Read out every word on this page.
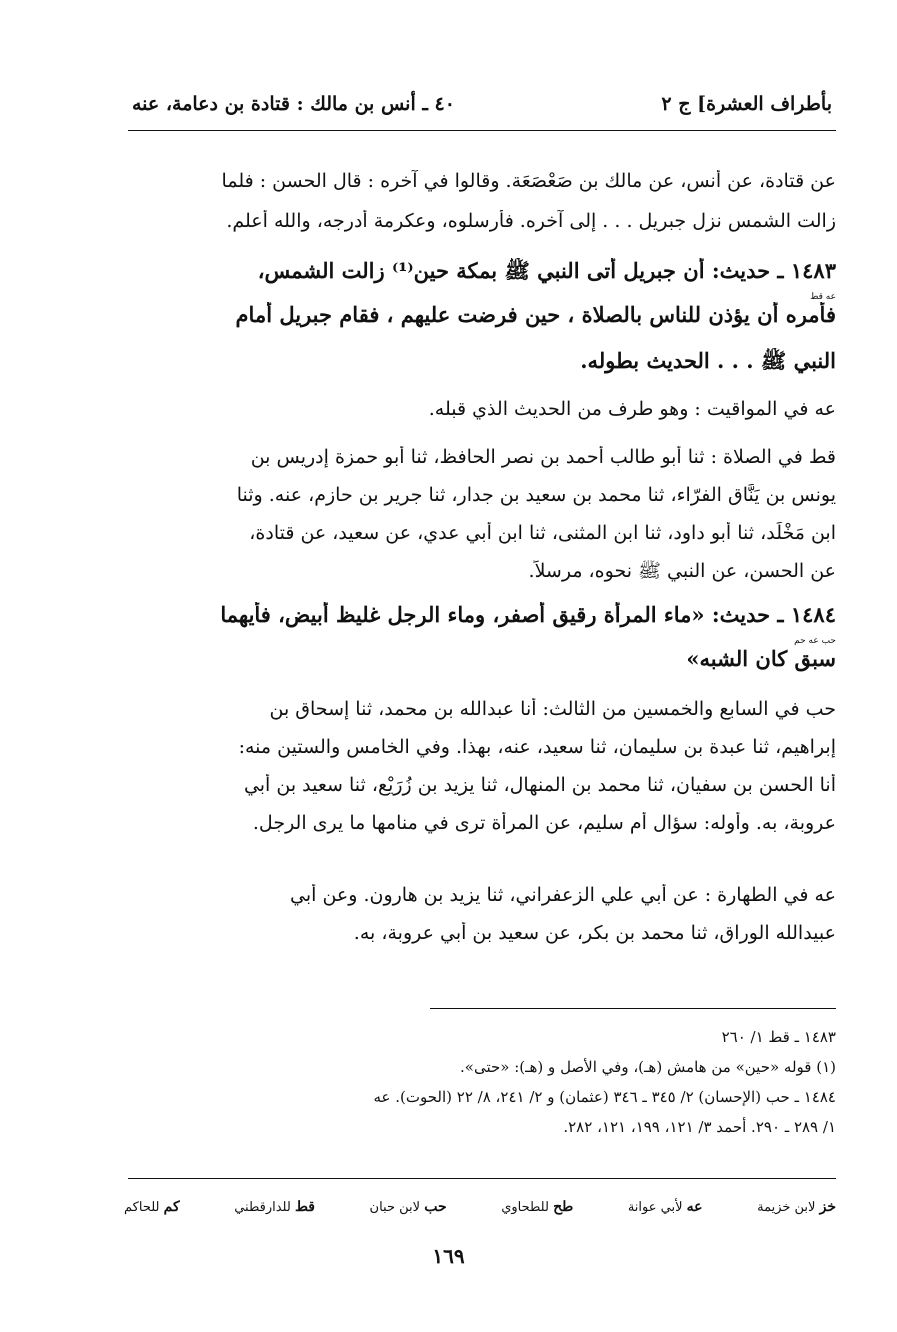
بأطراف العشرة] ج ٢
٤٠ ـ أنس بن مالك : قتادة بن دعامة، عنه
عن قتادة، عن أنس، عن مالك بن صَعْصَعَة. وقالوا في آخره : قال الحسن : فلما
زالت الشمس نزل جبريل . . . إلى آخره. فأرسلوه، وعكرمة أدرجه، والله أعلم.
١٤٨٣ ـ حديث: أن جبريل أتى النبي ﷺ بمكة حين⁽¹⁾ زالت الشمس،
عه قط
فأمره أن يؤذن للناس بالصلاة ، حين فرضت عليهم ، فقام جبريل أمام
النبي ﷺ . . . الحديث بطوله.
عه في المواقيت : وهو طرف من الحديث الذي قبله.
قط في الصلاة : ثنا أبو طالب أحمد بن نصر الحافظ، ثنا أبو حمزة إدريس بن
يونس بن يَنَّاق الفرّاء، ثنا محمد بن سعيد بن جدار، ثنا جرير بن حازم، عنه. وثنا
ابن مَخْلَد، ثنا أبو داود، ثنا ابن المثنى، ثنا ابن أبي عدي، عن سعيد، عن قتادة،
عن الحسن، عن النبي ﷺ نحوه، مرسلاً.
١٤٨٤ ـ حديث: «ماء المرأة رقيق أصفر، وماء الرجل غليظ أبيض، فأيهما
حب عه حم
سبق كان الشبه»
حب في السابع والخمسين من الثالث: أنا عبدالله بن محمد، ثنا إسحاق بن
إبراهيم، ثنا عبدة بن سليمان، ثنا سعيد، عنه، بهذا. وفي الخامس والستين منه:
أنا الحسن بن سفيان، ثنا محمد بن المنهال، ثنا يزيد بن زُرَيْع، ثنا سعيد بن أبي
عروبة، به. وأوله: سؤال أم سليم، عن المرأة ترى في منامها ما يرى الرجل.
عه في الطهارة : عن أبي علي الزعفراني، ثنا يزيد بن هارون. وعن أبي
عبيدالله الوراق، ثنا محمد بن بكر، عن سعيد بن أبي عروبة، به.
١٤٨٣ ـ قط ١/ ٢٦٠
(١) قوله «حين» من هامش (هـ)، وفي الأصل و (هـ): «حتى».
١٤٨٤ ـ حب (الإحسان) ٢/ ٣٤٥ ـ ٣٤٦ (عثمان) و ٢/ ٢٤١، ٨/ ٢٢ (الحوت). عه
١/ ٢٨٩ ـ ٢٩٠. أحمد ٣/ ١٢١، ١٩٩، ١٢١، ٢٨٢.
خز لابن خزيمة
عه لأبي عوانة
طح للطحاوي
حب لابن حبان
قط للدارقطني
كم للحاكم
١٦٩
